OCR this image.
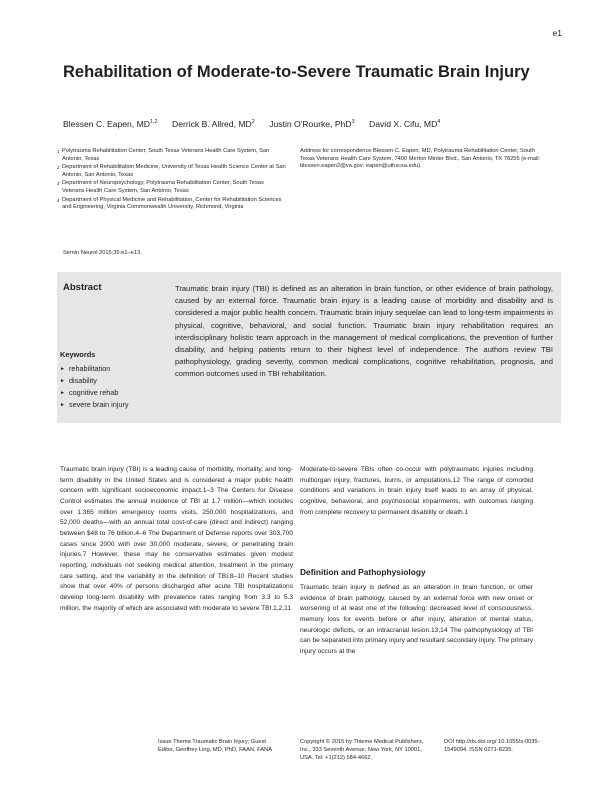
e1
Rehabilitation of Moderate-to-Severe Traumatic Brain Injury
Blessen C. Eapen, MD$^{1,2}$ Derrick B. Allred, $MD^2$ Justin O'Rourke, PhD$^3$ David X. Cifu, $MD^4$
1 Polytrauma Rehabilitation Center, South Texas Veterans Health Care System, San Antonio, Texas
2 Department of Rehabilitation Medicine, University of Texas Health Science Center at San Antonio, San Antonio, Texas
3 Department of Neuropsychology, Polytrauma Rehabilitation Center, South Texas Veterans Health Care System, San Antonio, Texas
4 Department of Physical Medicine and Rehabilitation, Center for Rehabilitation Sciences and Engineering, Virginia Commonwealth University, Richmond, Virginia
Address for correspondence Blessen C. Eapen, MD, Polytrauma Rehabilitation Center, South Texas Veterans Health Care System, 7400 Merton Minter Blvd., San Antonio, TX 78255 (e-mail: blessen.eapen2@va.gov; eapen@uthscsa.edu).
Semin Neurol 2015;35:e1–e13.
Abstract	Traumatic brain injury (TBI) is defined as an alteration in brain function, or other evidence of brain pathology, caused by an external force. Traumatic brain injury is a leading cause of morbidity and disability and is considered a major public health concern. Traumatic brain injury sequelae can lead to long-term impairments in physical, cognitive, behavioral, and social function. Traumatic brain injury rehabilitation requires an interdisciplinary holistic team approach in the management of medical complications, the prevention of further disability, and helping patients return to their highest level of independence. The authors review TBI pathophysiology, grading severity, common medical complications, cognitive rehabilitation, prognosis, and common outcomes used in TBI rehabilitation.

Keywords
► rehabilitation
► disability
► cognitive rehab
► severe brain injury

Traumatic brain injury (TBI) is a leading cause of morbidity, mortality, and long-term disability in the United States and is considered a major public health concern with significant socioeconomic impact.1–3 The Centers for Disease Control estimates the annual incidence of TBI at 1.7 million—which includes over 1.365 million emergency rooms visits, 250,000 hospitalizations, and 52,000 deaths—with an annual total cost-of-care (direct and indirect) ranging between $48 to 76 billion.4–6 The Department of Defense reports over 303,700 cases since 2000 with over 30,000 moderate, severe, or penetrating brain injuries.7 However, these may be conservative estimates given modest reporting, individuals not seeking medical attention, treatment in the primary care setting, and the variability in the definition of TBI.8–10 Recent studies show that over 40% of persons discharged after acute TBI hospitalizations develop long-term disability with prevalence rates ranging from 3.3 to 5.3 million, the majority of which are associated with moderate to severe TBI.1,2,11

Moderate-to-severe TBIs often co-occur with polytraumatic injuries including multiorgan injury, fractures, burns, or amputations.12 The range of comorbid conditions and variations in brain injury itself leads to an array of physical, cognitive, behavioral, and psychosocial impairments, with outcomes ranging from complete recovery to permanent disability or death.1

Definition and Pathophysiology

Traumatic brain injury is defined as an alteration in brain function, or other evidence of brain pathology, caused by an external force with new onset or worsening of at least one of the following: decreased level of consciousness, memory loss for events before or after injury, alteration of mental status, neurologic deficits, or an intracranial lesion.13,14 The pathophysiology of TBI can be separated into primary injury and resultant secondary injury. The primary injury occurs at the

Issue Theme Traumatic Brain Injury; Guest Editor, Geoffrey Ling, MD, PhD, FAAN, FANA
Copyright © 2015 by Thieme Medical Publishers, Inc., 333 Seventh Avenue, New York, NY 10001, USA. Tel: +1(212) 584-4662.
DOI http://dx.doi.org/ 10.1055/s-0035-1549094. ISSN 0271-8235.
